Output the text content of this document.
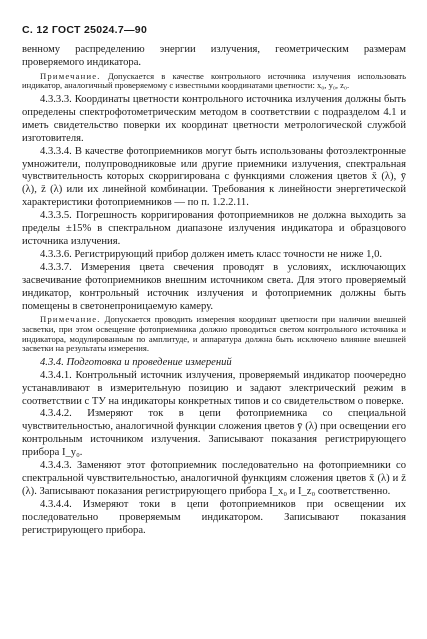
С. 12 ГОСТ 25024.7—90

венному распределению энергии излучения, геометрическим размерам проверяемого индикатора.

Примечание. Допускается в качестве контрольного источника излучения использовать индикатор, аналогичный проверяемому с известными координатами цветности: x₀, y₀, z₀.

4.3.3.3. Координаты цветности контрольного источника излучения должны быть определены спектрофотометрическим методом в соответствии с подразделом 4.1 и иметь свидетельство поверки их координат цветности метрологической службой изготовителя.

4.3.3.4. В качестве фотоприемников могут быть использованы фотоэлектронные умножители, полупроводниковые или другие приемники излучения, спектральная чувствительность которых скорригирована с функциями сложения цветов x̄ (λ), ȳ (λ), z̄ (λ) или их линейной комбинации. Требования к линейности энергетической характеристики фотоприемников — по п. 1.2.2.11.

4.3.3.5. Погрешность корригирования фотоприемников не должна выходить за пределы ±15% в спектральном диапазоне излучения индикатора и образцового источника излучения.

4.3.3.6. Регистрирующий прибор должен иметь класс точности не ниже 1,0.

4.3.3.7. Измерения цвета свечения проводят в условиях, исключающих засвечивание фотоприемников внешним источником света. Для этого проверяемый индикатор, контрольный источник излучения и фотоприемник должны быть помещены в светонепроницаемую камеру.

Примечание. Допускается проводить измерения координат цветности при наличии внешней засветки, при этом освещение фотоприемника должно проводиться светом контрольного источника и индикатора, модулированным по амплитуде, и аппаратура должна быть исключено влияние внешней засветки на результаты измерения.

4.3.4. Подготовка и проведение измерений

4.3.4.1. Контрольный источник излучения, проверяемый индикатор поочередно устанавливают в измерительную позицию и задают электрический режим в соответствии с ТУ на индикаторы конкретных типов и со свидетельством о поверке.

4.3.4.2. Измеряют ток в цепи фотоприемника со специальной чувствительностью, аналогичной функции сложения цветов ȳ (λ) при освещении его контрольным источником излучения. Записывают показания регистрирующего прибора I_y₀.

4.3.4.3. Заменяют этот фотоприемник последовательно на фотоприемники со спектральной чувствительностью, аналогичной функциям сложения цветов x̄ (λ) и z̄ (λ). Записывают показания регистрирующего прибора I_x₀ и I_z₀ соответственно.

4.3.4.4. Измеряют токи в цепи фотоприемников при освещении их последовательно проверяемым индикатором. Записывают показания регистрирующего прибора.
